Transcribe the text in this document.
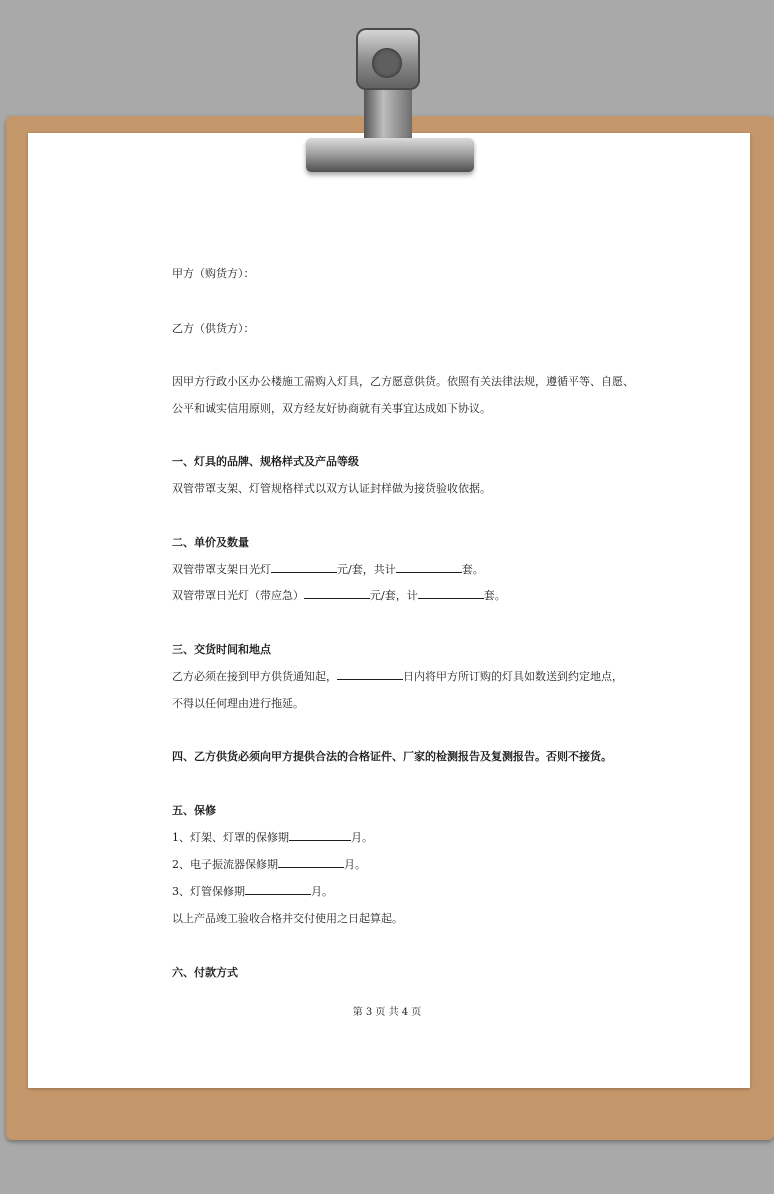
甲方（购货方）：
乙方（供货方）：
因甲方行政小区办公楼施工需购入灯具，乙方愿意供货。依照有关法律法规，遵循平等、自愿、
公平和诚实信用原则，双方经友好协商就有关事宜达成如下协议。
一、灯具的品牌、规格样式及产品等级
双管带罩支架、灯管规格样式以双方认证封样做为接货验收依据。
二、单价及数量
双管带罩支架日光灯	元/套，共计	套。
双管带罩日光灯（带应急）	元/套，计	套。
三、交货时间和地点
乙方必须在接到甲方供货通知起，	日内将甲方所订购的灯具如数送到约定地点，
不得以任何理由进行拖延。
四、乙方供货必须向甲方提供合法的合格证件、厂家的检测报告及复测报告。否则不接货。
五、保修
1、灯架、灯罩的保修期	月。
2、电子振流器保修期	月。
3、灯管保修期	月。
以上产品竣工验收合格并交付使用之日起算起。
六、付款方式
第 3 页 共 4 页
